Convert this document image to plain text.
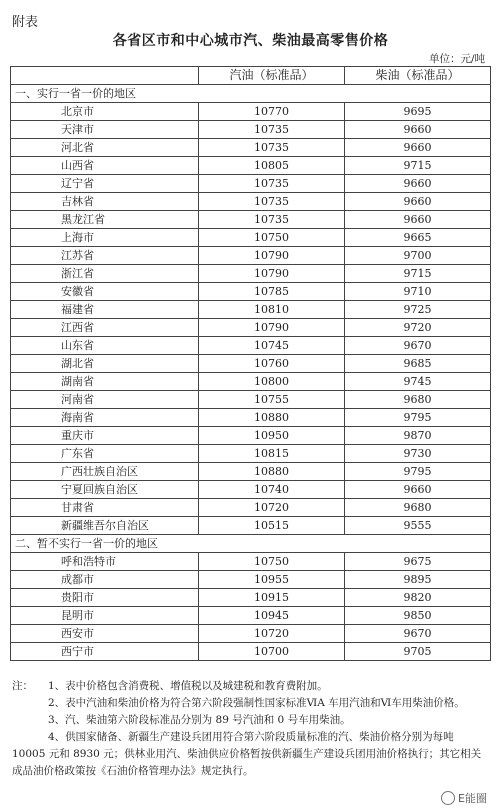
附表
各省区市和中心城市汽、柴油最高零售价格
单位：元/吨
	汽油（标准品）	柴油（标准品）
一、实行一省一价的地区		
北京市	10770	9695
天津市	10735	9660
河北省	10735	9660
山西省	10805	9715
辽宁省	10735	9660
吉林省	10735	9660
黑龙江省	10735	9660
上海市	10750	9665
江苏省	10790	9700
浙江省	10790	9715
安徽省	10785	9710
福建省	10810	9725
江西省	10790	9720
山东省	10745	9670
湖北省	10760	9685
湖南省	10800	9745
河南省	10755	9680
海南省	10880	9795
重庆市	10950	9870
广东省	10815	9730
广西壮族自治区	10880	9795
宁夏回族自治区	10740	9660
甘肃省	10720	9680
新疆维吾尔自治区	10515	9555
二、暂不实行一省一价的地区		
呼和浩特市	10750	9675
成都市	10955	9895
贵阳市	10915	9820
昆明市	10945	9850
西安市	10720	9670
西宁市	10700	9705

注： 1、表中价格包含消费税、增值税以及城建税和教育费附加。

2、表中汽油和柴油价格为符合第六阶段强制性国家标准ⅥA 车用汽油和Ⅵ车用柴油价格。

3、汽、柴油第六阶段标准品分别为 89 号汽油和 0 号车用柴油。

4、供国家储备、新疆生产建设兵团用符合第六阶段质量标准的汽、柴油价格分别为每吨 10005 元和 8930 元；供林业用汽、柴油供应价格暂按供新疆生产建设兵团用油价格执行；其它相关成品油价格政策按《石油价格管理办法》规定执行。

E能圈
